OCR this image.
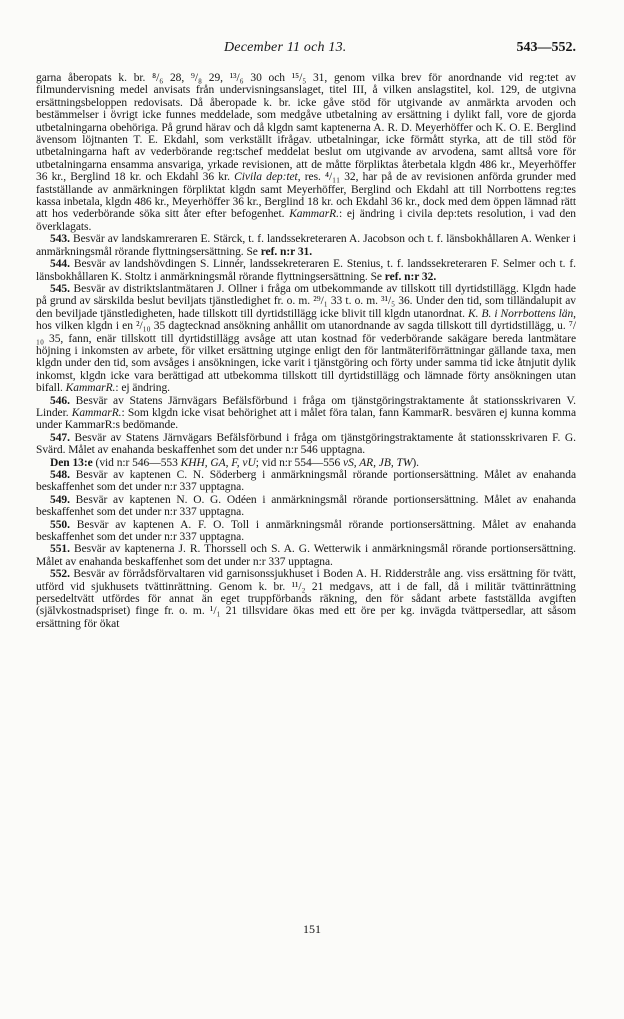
December 11 och 13.	543—552.

garna åberopats k. br. ⁸/₆ 28, ⁹/₈ 29, ¹³/₆ 30 och ¹⁵/₅ 31, genom vilka brev för anordnande vid reg:tet av filmundervisning medel anvisats från undervisningsanslaget, titel III, å vilken anslagstitel, kol. 129, de utgivna ersättningsbeloppen redovisats. Då åberopade k. br. icke gåve stöd för utgivande av anmärkta arvoden och bestämmelser i övrigt icke funnes meddelade, som medgåve utbetalning av ersättning i dylikt fall, vore de gjorda utbetalningarna obehöriga. På grund härav och då klgdn samt kaptenerna A. R. D. Meyerhöffer och K. O. E. Berglind ävensom löjtnanten T. E. Ekdahl, som verkställt ifrågav. utbetalningar, icke förmått styrka, att de till stöd för utbetalningarna haft av vederbörande reg:tschef meddelat beslut om utgivande av arvodena, samt alltså vore för utbetalningarna ensamma ansvariga, yrkade revisionen, att de måtte förpliktas återbetala klgdn 486 kr., Meyerhöffer 36 kr., Berglind 18 kr. och Ekdahl 36 kr. Civila dep:tet, res. ⁴/₁₁ 32, har på de av revisionen anförda grunder med fastställande av anmärkningen förpliktat klgdn samt Meyerhöffer, Berglind och Ekdahl att till Norrbottens reg:tes kassa inbetala, klgdn 486 kr., Meyerhöffer 36 kr., Berglind 18 kr. och Ekdahl 36 kr., dock med dem öppen lämnad rätt att hos vederbörande söka sitt åter efter befogenhet. KammarR.: ej ändring i civila dep:tets resolution, i vad den överklagats.

543. Besvär av landskamreraren E. Stärck, t. f. landssekreteraren A. Jacobson och t. f. länsbokhållaren A. Wenker i anmärkningsmål rörande flyttningsersättning. Se ref. n:r 31.

544. Besvär av landshövdingen S. Linnér, landssekreteraren E. Stenius, t. f. landssekreteraren F. Selmer och t. f. länsbokhållaren K. Stoltz i anmärkningsmål rörande flyttningsersättning. Se ref. n:r 32.

545. Besvär av distriktslantmätaren J. Ollner i fråga om utbekommande av tillskott till dyrtidstillägg. Klgdn hade på grund av särskilda beslut beviljats tjänstledighet fr. o. m. ²⁹/₁ 33 t. o. m. ³¹/₅ 36. Under den tid, som tilländalupit av den beviljade tjänstledigheten, hade tillskott till dyrtidstillägg icke blivit till klgdn utanordnat. K. B. i Norrbottens län, hos vilken klgdn i en ²/₁₀ 35 dagtecknad ansökning anhållit om utanordnande av sagda tillskott till dyrtidstillägg, u. ⁷/₁₀ 35, fann, enär tillskott till dyrtidstillägg avsåge att utan kostnad för vederbörande sakägare bereda lantmätare höjning i inkomsten av arbete, för vilket ersättning utginge enligt den för lantmäteriförrättningar gällande taxa, men klgdn under den tid, som avsåges i ansökningen, icke varit i tjänstgöring och förty under samma tid icke åtnjutit dylik inkomst, klgdn icke vara berättigad att utbekomma tillskott till dyrtidstillägg och lämnade förty ansökningen utan bifall. KammarR.: ej ändring.

546. Besvär av Statens Järnvägars Befälsförbund i fråga om tjänstgöringstraktamente åt stationsskrivaren V. Linder. KammarR.: Som klgdn icke visat behörighet att i målet föra talan, fann KammarR. besvären ej kunna komma under KammarR:s bedömande.

547. Besvär av Statens Järnvägars Befälsförbund i fråga om tjänstgöringstraktamente åt stationsskrivaren F. G. Svärd. Målet av enahanda beskaffenhet som det under n:r 546 upptagna.

Den 13:e (vid n:r 546—553 KHH, GA, F, vU; vid n:r 554—556 vS, AR, JB, TW).

548. Besvär av kaptenen C. N. Söderberg i anmärkningsmål rörande portionsersättning. Målet av enahanda beskaffenhet som det under n:r 337 upptagna.

549. Besvär av kaptenen N. O. G. Odéen i anmärkningsmål rörande portionsersättning. Målet av enahanda beskaffenhet som det under n:r 337 upptagna.

550. Besvär av kaptenen A. F. O. Toll i anmärkningsmål rörande portionsersättning. Målet av enahanda beskaffenhet som det under n:r 337 upptagna.

551. Besvär av kaptenerna J. R. Thorssell och S. A. G. Wetterwik i anmärkningsmål rörande portionsersättning. Målet av enahanda beskaffenhet som det under n:r 337 upptagna.

552. Besvär av förrådsförvaltaren vid garnisonssjukhuset i Boden A. H. Ridderstråle ang. viss ersättning för tvätt, utförd vid sjukhusets tvättinrättning. Genom k. br. ¹¹/₂ 21 medgavs, att i de fall, då i militär tvättinrättning persedeltvätt utfördes för annat än eget truppförbands räkning, den för sådant arbete fastställda avgiften (självkostnadspriset) finge fr. o. m. ¹/₁ 21 tillsvidare ökas med ett öre per kg. invägda tvättpersedlar, att såsom ersättning för ökat

151
